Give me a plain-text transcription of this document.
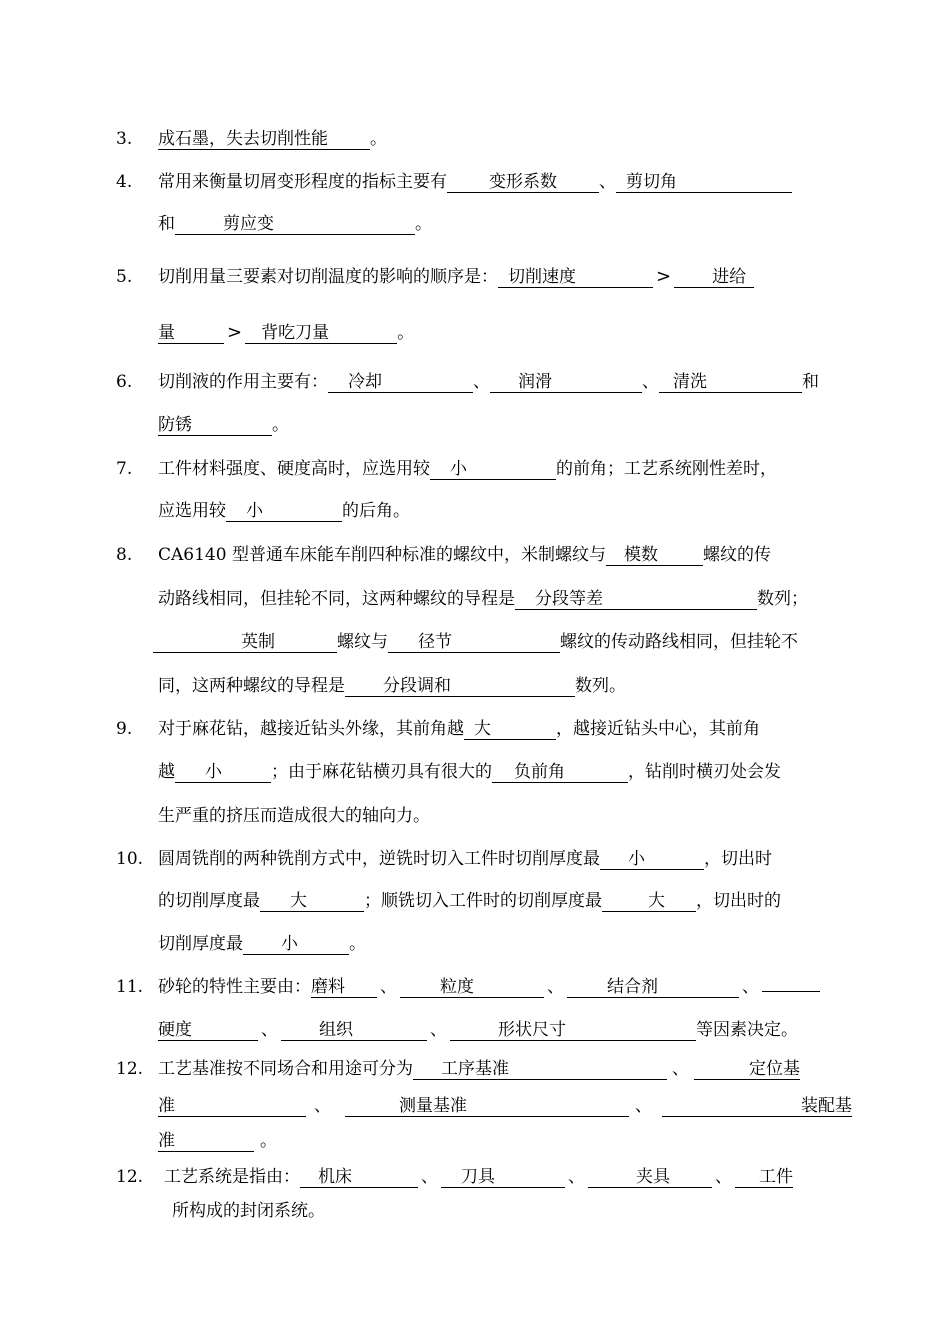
3. 成石墨，失去切削性能 。
4. 常用来衡量切屑变形程度的指标主要有 变形系数 、 剪切角
和	剪应变	。
5. 切削用量三要素对切削温度的影响的顺序是： 切削速度	> 进给
量	> 背吃刀量	。
6. 切削液的作用主要有： 冷却	、 润滑	、 清洗	和
防锈	。
7. 工件材料强度、硬度高时，应选用较 小	的前角；工艺系统刚性差时，
应选用较 小	的后角。
8. CA6140 型普通车床能车削四种标准的螺纹中，米制螺纹与 模数	螺纹的传
动路线相同，但挂轮不同，这两种螺纹的导程是 分段等差	数列；
英制	螺纹与 径节	螺纹的传动路线相同，但挂轮不
同，这两种螺纹的导程是 分段调和	数列。
9. 对于麻花钻，越接近钻头外缘，其前角越 大	，越接近钻头中心，其前角
越 小	；由于麻花钻横刃具有很大的 负前角	，钻削时横刃处会发
生严重的挤压而造成很大的轴向力。
10. 圆周铣削的两种铣削方式中，逆铣时切入工件时切削厚度最 小	，切出时
的切削厚度最 大	；顺铣切入工件时的切削厚度最	大 ，切出时的
切削厚度最 小	。
11. 砂轮的特性主要由：磨料 、	粒度	、	结合剂	、
硬度	、 组织	、	形状尺寸	等因素决定。
12. 工艺基准按不同场合和用途可分为 工序基准	、	定位基
准	、	测量基准	、	装配基
准	。
12. 工艺系统是指由： 机床	、 刀具	、	夹具	、 工件
所构成的封闭系统。
